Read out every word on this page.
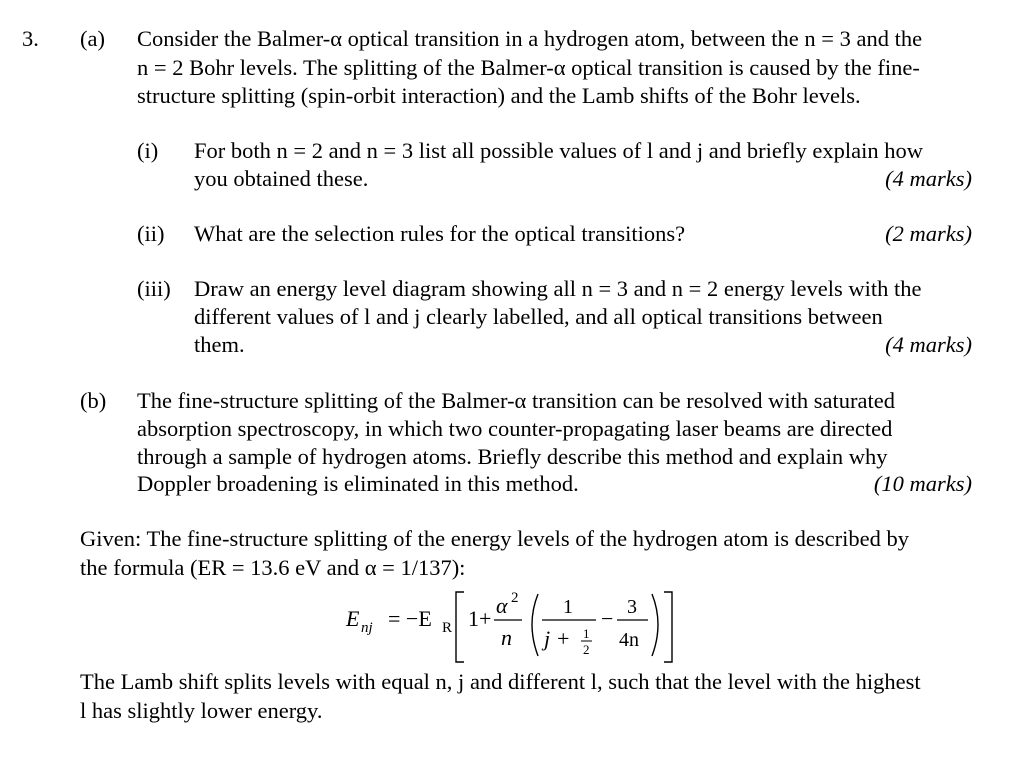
3. (a) Consider the Balmer-α optical transition in a hydrogen atom, between the n = 3 and the
n = 2 Bohr levels. The splitting of the Balmer-α optical transition is caused by the fine-
structure splitting (spin-orbit interaction) and the Lamb shifts of the Bohr levels.
(i) For both n = 2 and n = 3 list all possible values of l and j and briefly explain how
you obtained these.	(4 marks)
(ii) What are the selection rules for the optical transitions?	(2 marks)
(iii) Draw an energy level diagram showing all n = 3 and n = 2 energy levels with the
different values of l and j clearly labelled, and all optical transitions between
them.	(4 marks)
(b) The fine-structure splitting of the Balmer-α transition can be resolved with saturated
absorption spectroscopy, in which two counter-propagating laser beams are directed
through a sample of hydrogen atoms. Briefly describe this method and explain why
Doppler broadening is eliminated in this method.	(10 marks)
Given: The fine-structure splitting of the energy levels of the hydrogen atom is described by
the formula (ER = 13.6 eV and α = 1/137):
E nj = −E R 1+
α 2
n
1
j + 1
2
− 3
4n
The Lamb shift splits levels with equal n, j and different l, such that the level with the highest
l has slightly lower energy.
